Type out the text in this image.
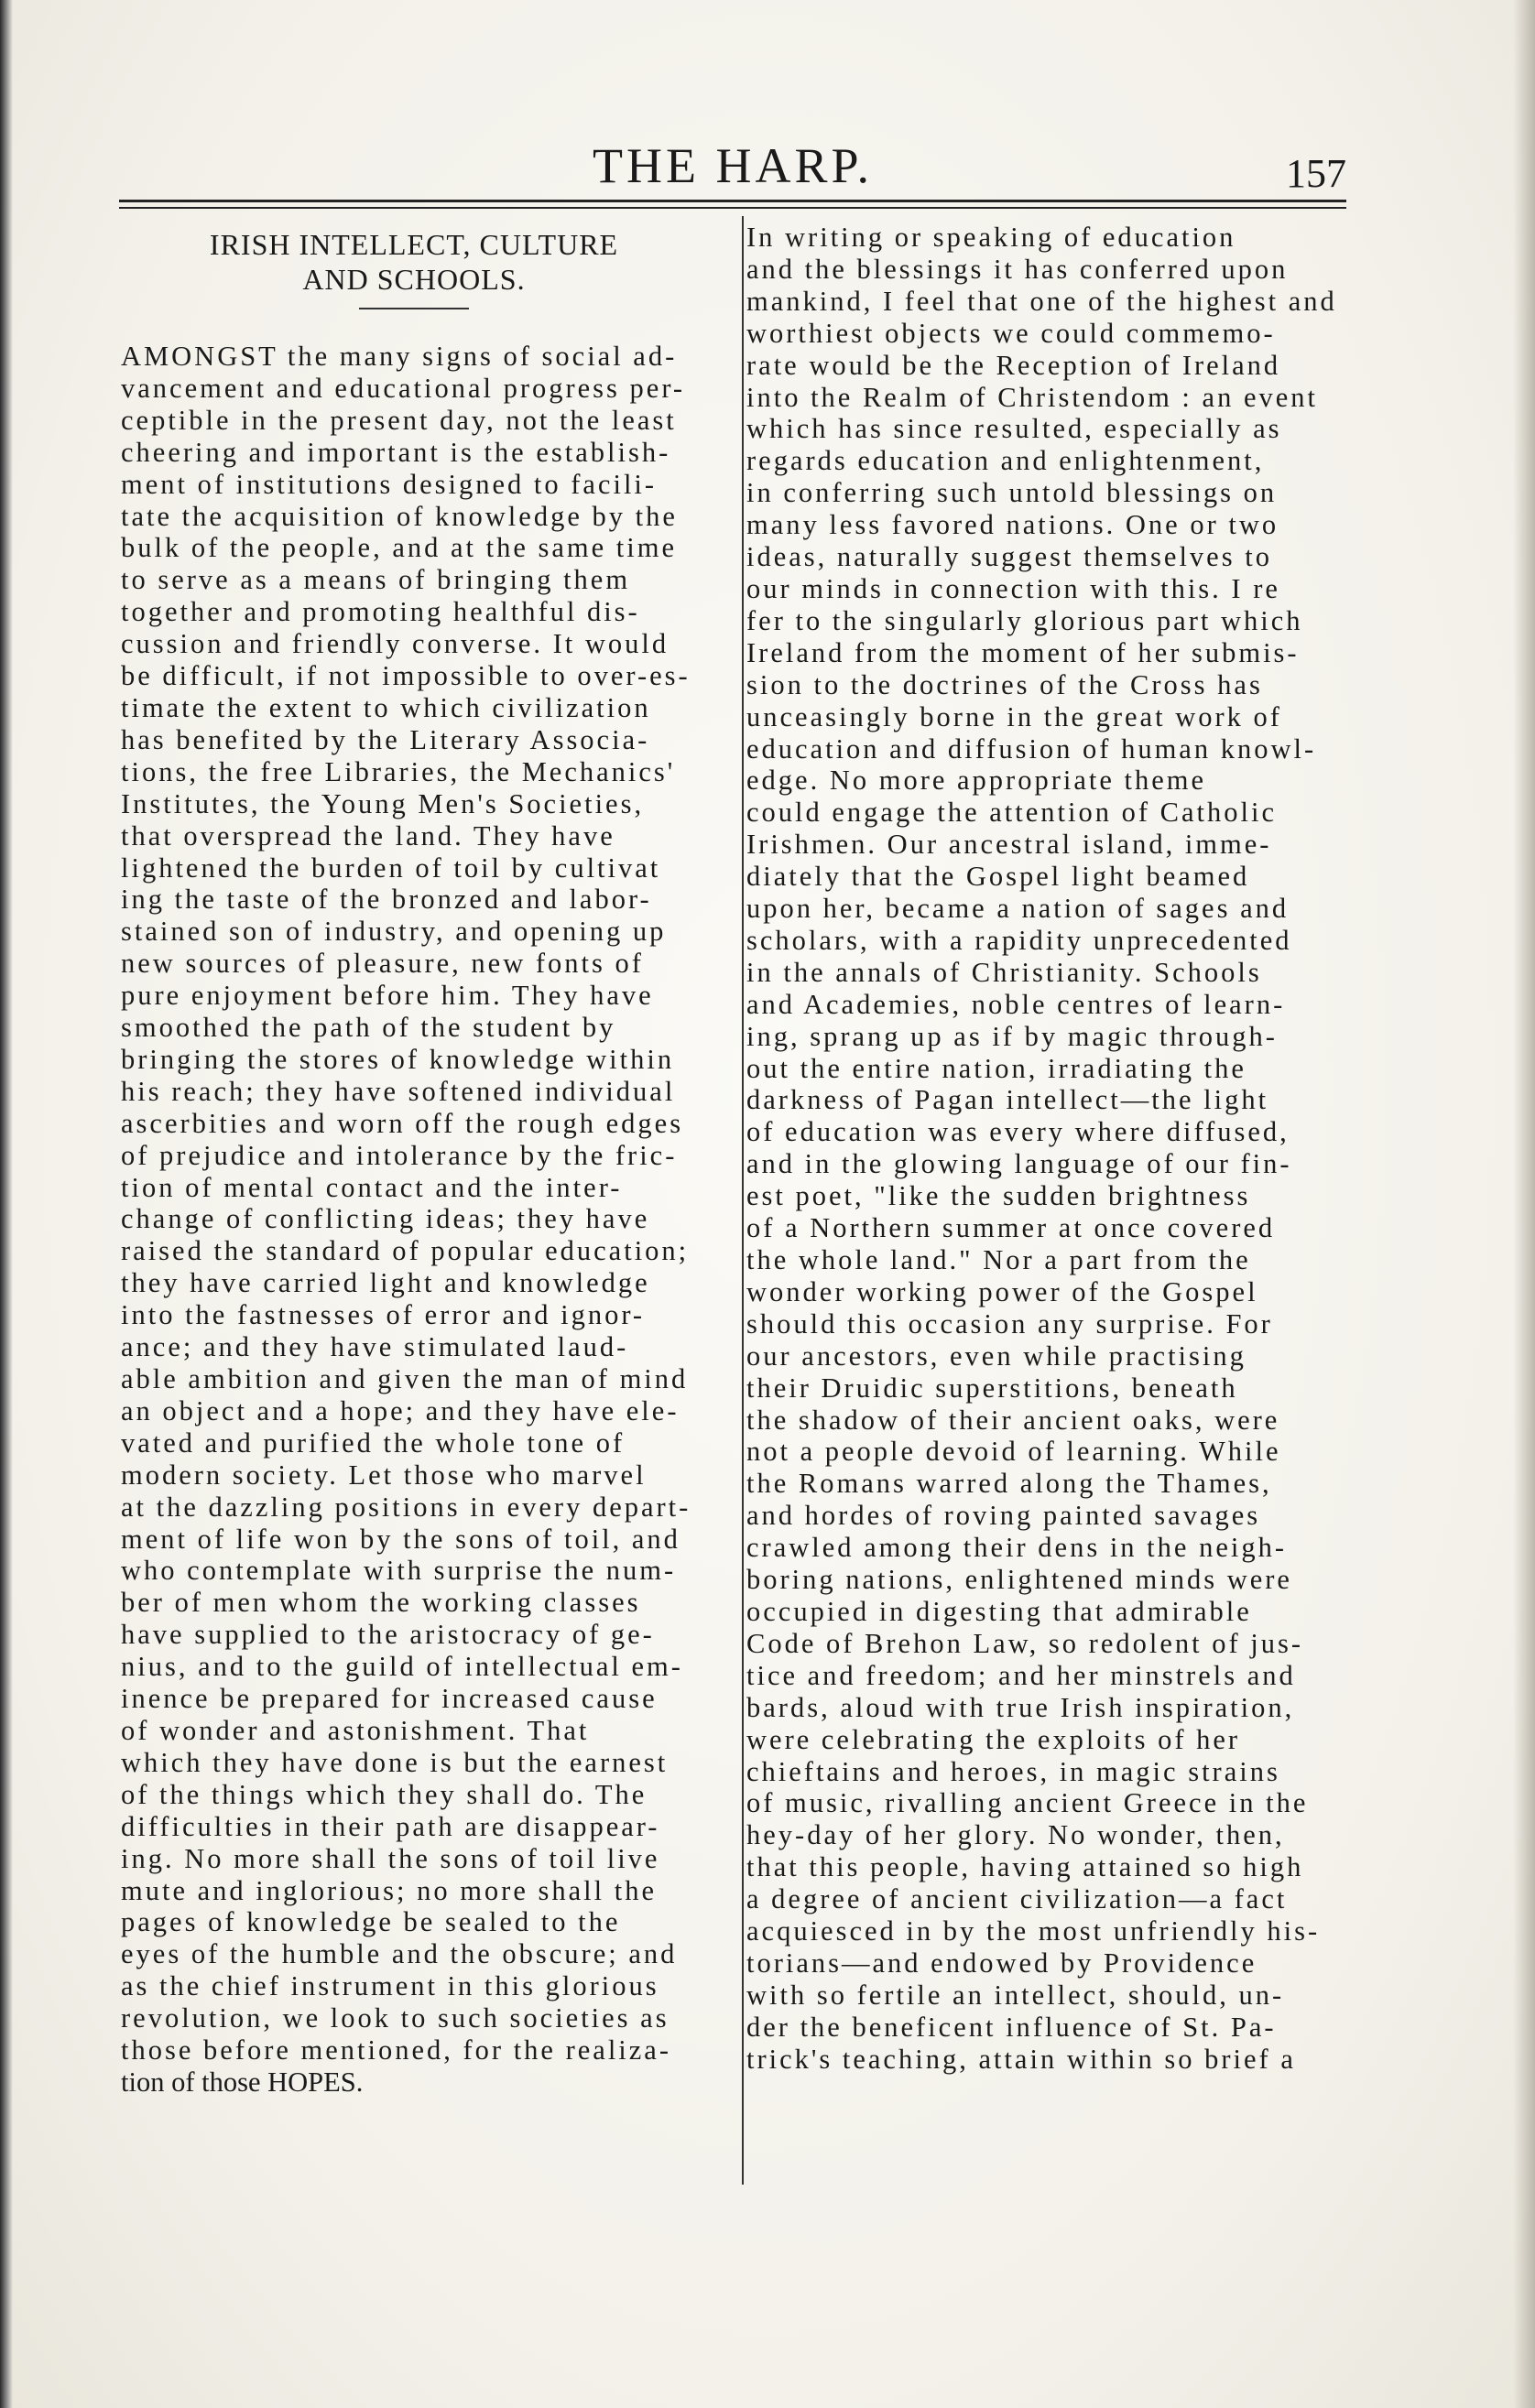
THE HARP.	157
IRISH INTELLECT, CULTURE
AND SCHOOLS.
AMONGST the many signs of social ad-
vancement and educational progress per-
ceptible in the present day, not the least
cheering and important is the establish-
ment of institutions designed to facili-
tate the acquisition of knowledge by the
bulk of the people, and at the same time
to serve as a means of bringing them
together and promoting healthful dis-
cussion and friendly converse. It would
be difficult, if not impossible to over-es-
timate the extent to which civilization
has benefited by the Literary Associa-
tions, the free Libraries, the Mechanics'
Institutes, the Young Men's Societies,
that overspread the land. They have
lightened the burden of toil by cultivat
ing the taste of the bronzed and labor-
stained son of industry, and opening up
new sources of pleasure, new fonts of
pure enjoyment before him. They have
smoothed the path of the student by
bringing the stores of knowledge within
his reach; they have softened individual
ascerbities and worn off the rough edges
of prejudice and intolerance by the fric-
tion of mental contact and the inter-
change of conflicting ideas; they have
raised the standard of popular education;
they have carried light and knowledge
into the fastnesses of error and ignor-
ance; and they have stimulated laud-
able ambition and given the man of mind
an object and a hope; and they have ele-
vated and purified the whole tone of
modern society. Let those who marvel
at the dazzling positions in every depart-
ment of life won by the sons of toil, and
who contemplate with surprise the num-
ber of men whom the working classes
have supplied to the aristocracy of ge-
nius, and to the guild of intellectual em-
inence be prepared for increased cause
of wonder and astonishment. That
which they have done is but the earnest
of the things which they shall do. The
difficulties in their path are disappear-
ing. No more shall the sons of toil live
mute and inglorious; no more shall the
pages of knowledge be sealed to the
eyes of the humble and the obscure; and
as the chief instrument in this glorious
revolution, we look to such societies as
those before mentioned, for the realiza-
tion of those HOPES.
In writing or speaking of education
and the blessings it has conferred upon
mankind, I feel that one of the highest and
worthiest objects we could commemo-
rate would be the Reception of Ireland
into the Realm of Christendom : an event
which has since resulted, especially as
regards education and enlightenment,
in conferring such untold blessings on
many less favored nations. One or two
ideas, naturally suggest themselves to
our minds in connection with this. I re
fer to the singularly glorious part which
Ireland from the moment of her submis-
sion to the doctrines of the Cross has
unceasingly borne in the great work of
education and diffusion of human knowl-
edge. No more appropriate theme
could engage the attention of Catholic
Irishmen. Our ancestral island, imme-
diately that the Gospel light beamed
upon her, became a nation of sages and
scholars, with a rapidity unprecedented
in the annals of Christianity. Schools
and Academies, noble centres of learn-
ing, sprang up as if by magic through-
out the entire nation, irradiating the
darkness of Pagan intellect—the light
of education was every where diffused,
and in the glowing language of our fin-
est poet, "like the sudden brightness
of a Northern summer at once covered
the whole land." Nor a part from the
wonder working power of the Gospel
should this occasion any surprise. For
our ancestors, even while practising
their Druidic superstitions, beneath
the shadow of their ancient oaks, were
not a people devoid of learning. While
the Romans warred along the Thames,
and hordes of roving painted savages
crawled among their dens in the neigh-
boring nations, enlightened minds were
occupied in digesting that admirable
Code of Brehon Law, so redolent of jus-
tice and freedom; and her minstrels and
bards, aloud with true Irish inspiration,
were celebrating the exploits of her
chieftains and heroes, in magic strains
of music, rivalling ancient Greece in the
hey-day of her glory. No wonder, then,
that this people, having attained so high
a degree of ancient civilization—a fact
acquiesced in by the most unfriendly his-
torians—and endowed by Providence
with so fertile an intellect, should, un-
der the beneficent influence of St. Pa-
trick's teaching, attain within so brief a
